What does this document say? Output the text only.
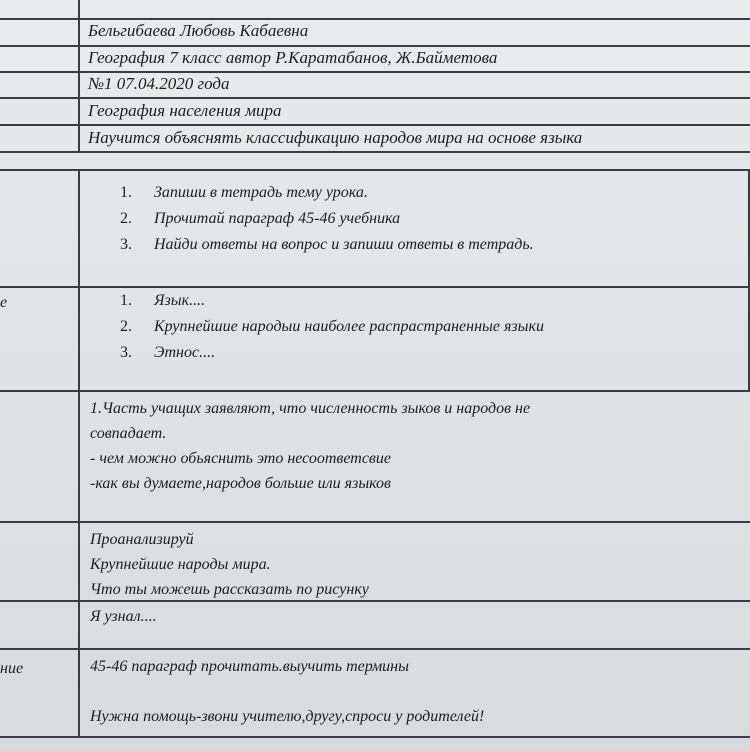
Бельгибаева Любовь Кабаевна
География 7 класс автор Р.Каратабанов, Ж.Байметова
№1 07.04.2020 года
География населения мира
Научится объяснять классификацию народов мира на основе языка
1. Запиши в тетрадь тему урока.
2. Прочитай параграф 45-46 учебника
3. Найди ответы на вопрос и запиши ответы в тетрадь.
е	1. Язык....
2. Крупнейшие народыи наиболее распрастраненные языки
3. Этнос....
1.Часть учащих заявляют, что численность зыков и народов не
совпадает.
- чем можно обьяснить это несоответсвие
-как вы думаете,народов больше или языков
Проанализируй
Крупнейшие народы мира.
Что ты можешь рассказать по рисунку
Я узнал....
ние	45-46 параграф прочитать.выучить термины
Нужна помощь-звони учителю,другу,спроси у родителей!
